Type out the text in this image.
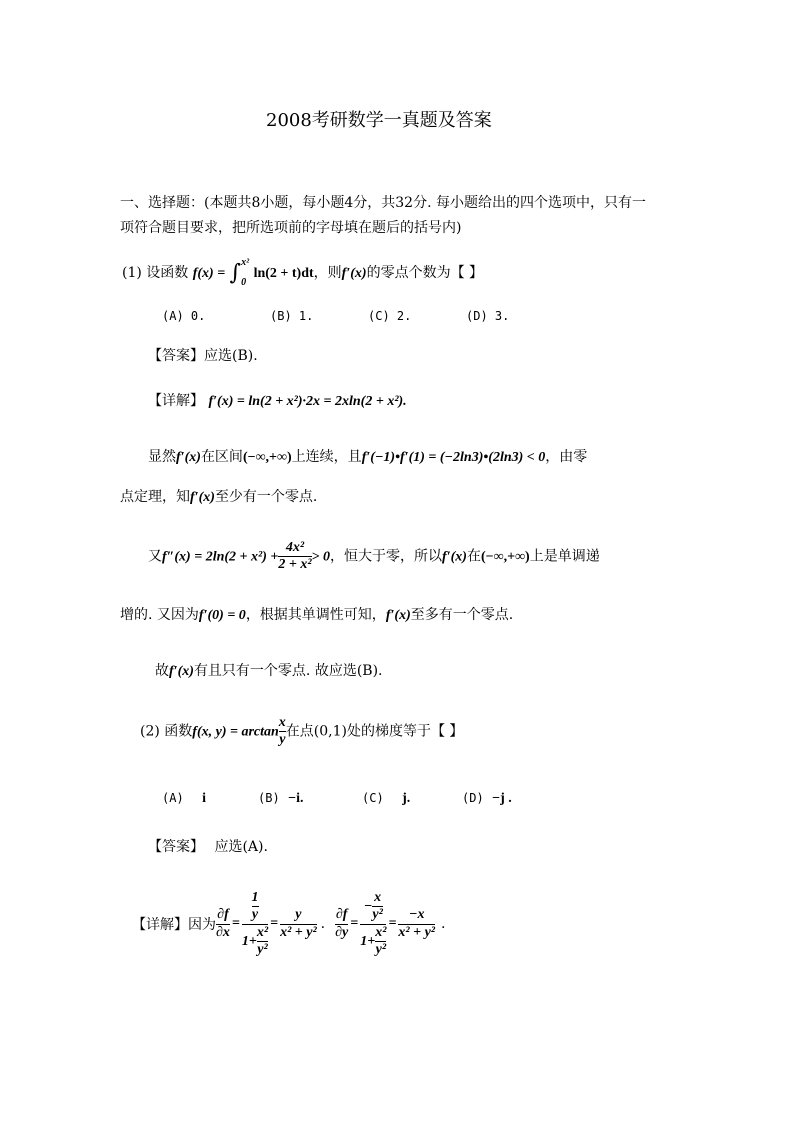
2008考研数学一真题及答案
一、选择题：(本题共8小题，每小题4分，共32分. 每小题给出的四个选项中，只有一
项符合题目要求，把所选项前的字母填在题后的括号内)
(1) 设函数 f(x) = ∫ x²
0
ln(2 + t)dt，则f′(x)的零点个数为【 】
(A) 0.	(B) 1.	(C) 2.	(D) 3.
【答案】应选(B).
【详解】 f′(x) = ln(2 + x²)·2x = 2xln(2 + x²).
显然f′(x)在区间(−∞,+∞)上连续，且f′(−1)•f′(1) = (−2ln3)•(2ln3) < 0，由零
点定理，知f′(x)至少有一个零点.
又$f''(x) = 2\ln(2 + x^2) + \frac{\text{4x²}}{\text{2 + x²}} > 0$，恒大于零，所以f′(x)在(−∞,+∞)上是单调递
增的. 又因为f′(0) = 0，根据其单调性可知，f′(x)至多有一个零点.
故f′(x)有且只有一个零点. 故应选(B).
(2) 函数f(x, $y) = \arctan \frac{x}{y}$ 在点(0,1)处的梯度等于【 】
(A) i	(B) −i.	(C) j.	(D) −j .
【答案】 应选(A).
【详解】因为 $\frac{\partial f}{\partial x} = \frac{\frac{1}{y}}{1+ \frac{\text{x²}}{\text{y²}}} = \frac{y}{\text{x² + y²}}$ . $\frac{\partial f}{\partial y} = \frac{- \frac{x}{\text{y²}}}{1+ \frac{\text{x²}}{\text{y²}}} = \frac{-x}{\text{x² + y²}}$ .
